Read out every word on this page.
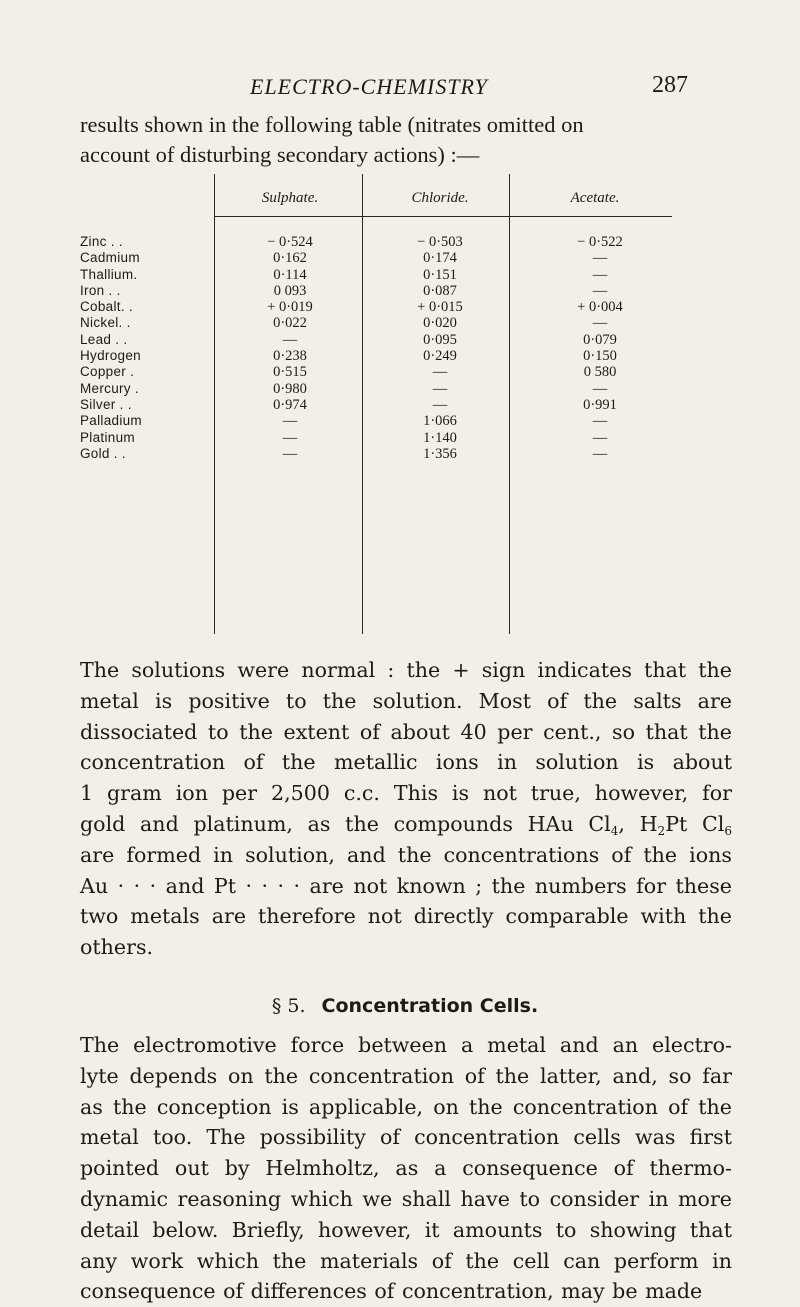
ELECTRO-CHEMISTRY	287
results shown in the following table (nitrates omitted on
account of disturbing secondary actions) :—
Sulphate.	Chloride.	Acetate.
Zinc . .	− 0·524	− 0·503	− 0·522
Cadmium	0·162	0·174	—
Thallium.	0·114	0·151	—
Iron . .	0 093	0·087	—
Cobalt. .	+ 0·019	+ 0·015	+ 0·004
Nickel. .	0·022	0·020	—
Lead . .	—	0·095	0·079
Hydrogen	0·238	0·249	0·150
Copper .	0·515	—	0 580
Mercury .	0·980	—	—
Silver . .	0·974	—	0·991
Palladium	—	1·066	—
Platinum	—	1·140	—
Gold . .	—	1·356	—
The solutions were normal : the + sign indicates that the
metal is positive to the solution. Most of the salts are
dissociated to the extent of about 40 per cent., so that the
concentration of the metallic ions in solution is about
1 gram ion per 2,500 c.c. This is not true, however, for
gold and platinum, as the compounds HAu $Cl_4$, $H_2Pt$ $Cl_6$
are formed in solution, and the concentrations of the ions
Au · · · and Pt · · · · are not known ; the numbers for these
two metals are therefore not directly comparable with the
others.
§ 5. Concentration Cells.
The electromotive force between a metal and an electro-
lyte depends on the concentration of the latter, and, so far
as the conception is applicable, on the concentration of the
metal too. The possibility of concentration cells was first
pointed out by Helmholtz, as a consequence of thermo-
dynamic reasoning which we shall have to consider in more
detail below. Briefly, however, it amounts to showing that
any work which the materials of the cell can perform in
consequence of differences of concentration, may be made
